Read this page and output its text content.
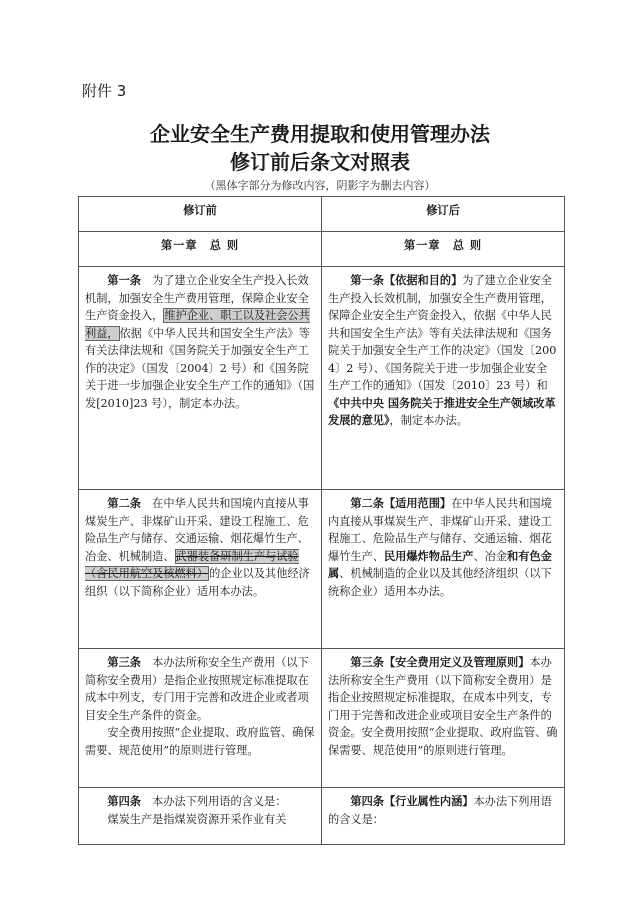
附件 3
企业安全生产费用提取和使用管理办法
修订前后条文对照表
（黑体字部分为修改内容，阴影字为删去内容）
修订前	修订后
第一章　总 则	第一章　总 则

第一条　 为了建立企业安全生产投入长效机制，加强安全生产费用管理，保障企业安全生产资金投入，维护企业、职工以及社会公共利益，依据《中华人民共和国安全生产法》等有关法律法规和《国务院关于加强安全生产工作的决定》（国发〔2004〕2 号）和《国务院关于进一步加强企业安全生产工作的通知》（国发[2010]23 号），制定本办法。	第一条【依据和目的】为了建立企业安全生产投入长效机制，加强安全生产费用管理，保障企业安全生产资金投入，依据《中华人民共和国安全生产法》等有关法律法规和《国务院关于加强安全生产工作的决定》（国发〔2004〕2 号）、《国务院关于进一步加强企业安全生产工作的通知》（国发〔2010〕23 号）和《中共中央 国务院关于推进安全生产领域改革发展的意见》，制定本办法。

第二条　 在中华人民共和国境内直接从事煤炭生产、非煤矿山开采、建设工程施工、危险品生产与储存、交通运输、烟花爆竹生产、冶金、机械制造、武器装备研制生产与试验（含民用航空及核燃料）的企业以及其他经济组织（以下简称企业）适用本办法。	第二条【适用范围】在中华人民共和国境内直接从事煤炭生产、非煤矿山开采、建设工程施工、危险品生产与储存、交通运输、烟花爆竹生产、民用爆炸物品生产、冶金和有色金属、机械制造的企业以及其他经济组织（以下统称企业）适用本办法。

第三条　 本办法所称安全生产费用（以下简称安全费用）是指企业按照规定标准提取在成本中列支，专门用于完善和改进企业或者项目安全生产条件的资金。

安全费用按照“企业提取、政府监管、确保需要、规范使用”的原则进行管理。	第三条【安全费用定义及管理原则】本办法所称安全生产费用（以下简称安全费用）是指企业按照规定标准提取，在成本中列支，专门用于完善和改进企业或项目安全生产条件的资金。安全费用按照“企业提取、政府监管、确保需要、规范使用”的原则进行管理。

第四条　 本办法下列用语的含义是：

煤炭生产是指煤炭资源开采作业有关	第四条【行业属性内涵】本办法下列用语的含义是：
